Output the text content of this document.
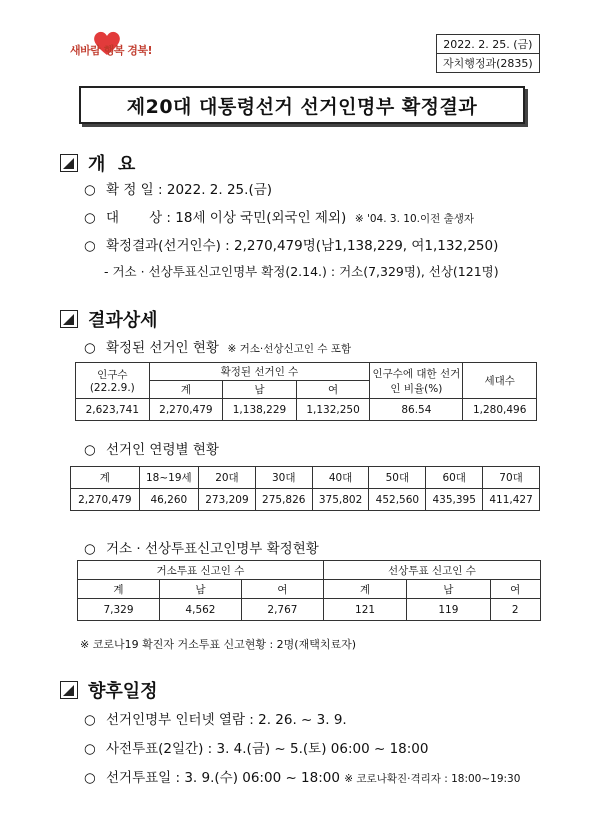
새바람 행복 경북!	2022. 2. 25. (금)
자치행정과(2835)
제20대 대통령선거 선거인명부 확정결과
개  요
○ 확 정 일 : 2022. 2. 25.(금)
○ 대       상 : 18세 이상 국민(외국인 제외) ※ '04. 3. 10.이전 출생자
○ 확정결과(선거인수) : 2,270,479명(남1,138,229, 여1,132,250)
- 거소 · 선상투표신고인명부 확정(2.14.) : 거소(7,329명), 선상(121명)
결과상세
○ 확정된 선거인 현황 ※ 거소·선상신고인 수 포함
인구수
(22.2.9.)	확정된 선거인 수			인구수에 대한 선거인 비율(%)	세대수
	계	남	여		
2,623,741	2,270,479	1,138,229	1,132,250	86.54	1,280,496
○ 선거인 연령별 현황
계	18~19세	20대	30대	40대	50대	60대	70대
2,270,479	46,260	273,209	275,826	375,802	452,560	435,395	411,427
○ 거소 · 선상투표신고인명부 확정현황
거소투표 신고인 수			선상투표 신고인 수		
계	남	여	계	남	여
7,329	4,562	2,767	121	119	2
※ 코로나19 확진자 거소투표 신고현황 : 2명(재택치료자)
향후일정
○ 선거인명부 인터넷 열람 : 2. 26. ~ 3. 9.
○ 사전투표(2일간) : 3. 4.(금) ~ 5.(토) 06:00 ~ 18:00
○ 선거투표일 : 3. 9.(수) 06:00 ~ 18:00 ※ 코로나확진·격리자 : 18:00~19:30
